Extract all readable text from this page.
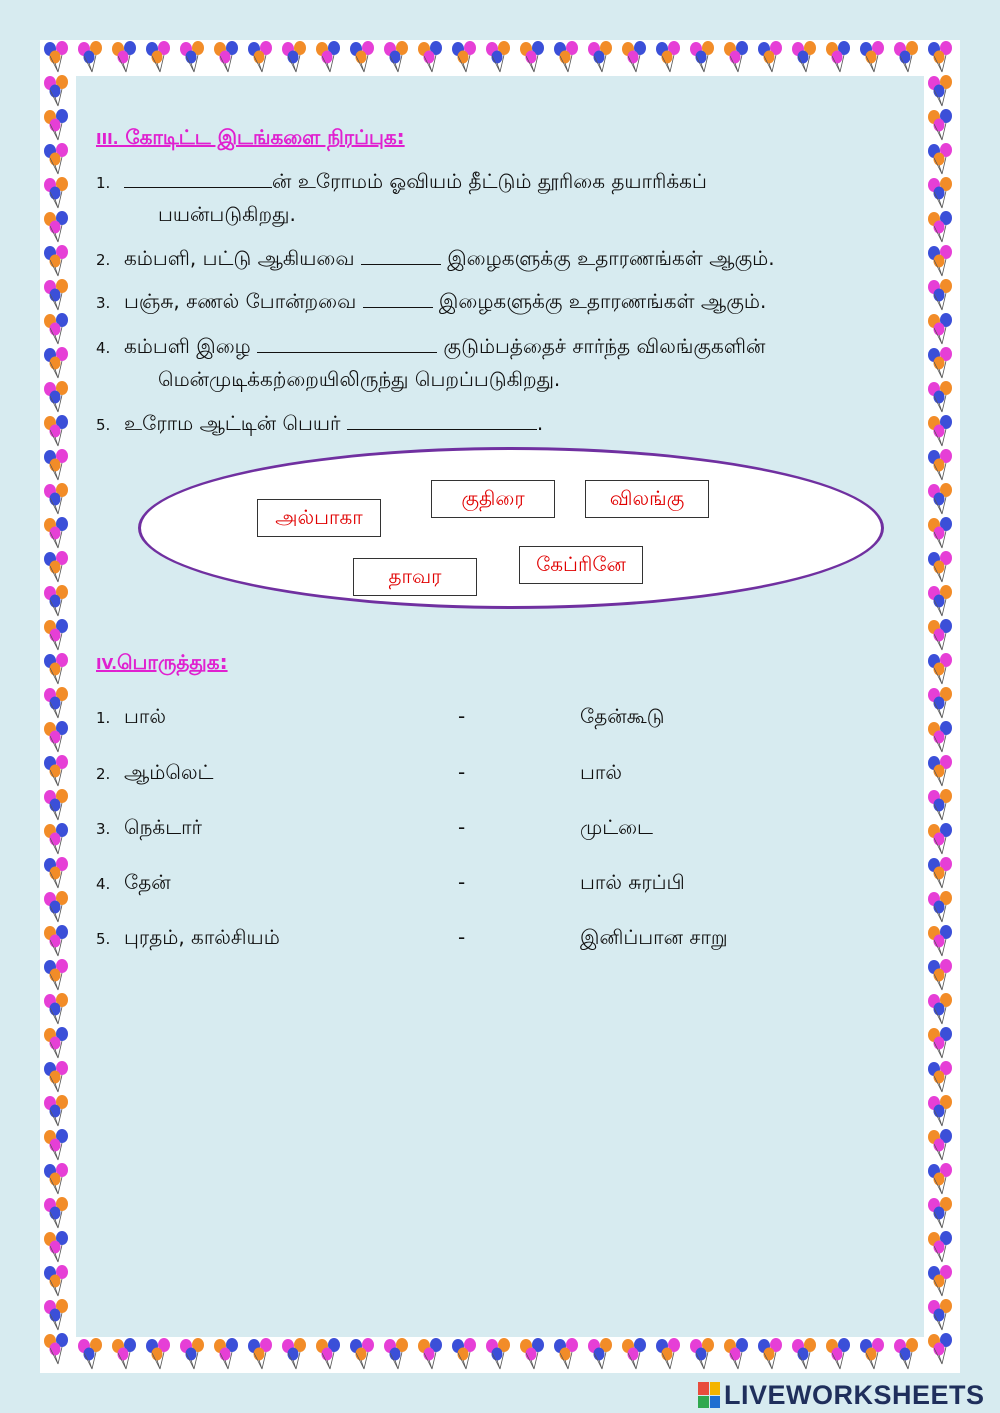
III. கோடிட்ட இடங்களை நிரப்புக:
1.	ன் உரோமம் ஓவியம் தீட்டும் தூரிகை தயாரிக்கப்
பயன்படுகிறது.
2. கம்பளி, பட்டு ஆகியவை	இழைகளுக்கு உதாரணங்கள் ஆகும்.
3. பஞ்சு, சணல் போன்றவை	இழைகளுக்கு உதாரணங்கள் ஆகும்.
4. கம்பளி இழை	குடும்பத்தைச் சார்ந்த விலங்குகளின்
மென்முடிக்கற்றையிலிருந்து பெறப்படுகிறது.
5. உரோம ஆட்டின் பெயர்	.
அல்பாகா
குதிரை	விலங்கு
தாவர	கேப்ரினே
IV.பொருத்துக:
1. பால்	-	தேன்கூடு
2. ஆம்லெட்	-	பால்
3. நெக்டார்	-	முட்டை
4. தேன்	-	பால் சுரப்பி
5. புரதம், கால்சியம்	-	இனிப்பான சாறு
LIVEWORKSHEETS
